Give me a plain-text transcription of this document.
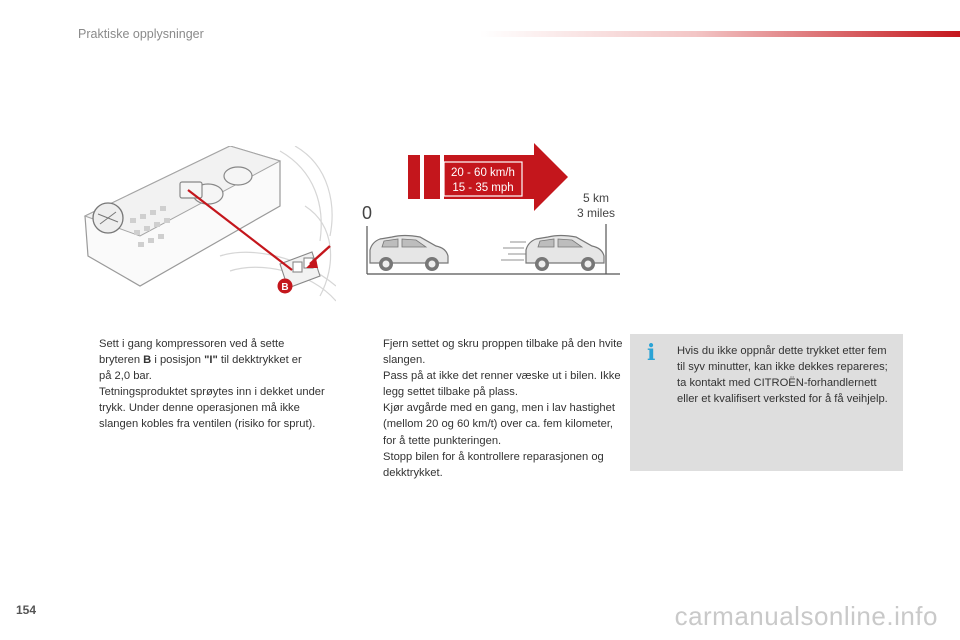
Praktiske opplysninger
B
20 - 60 km/h
15 - 35 mph
0
5 km
3 miles
Sett i gang kompressoren ved å sette
bryteren B i posisjon "I" til dekktrykket er
på 2,0 bar.
Tetningsproduktet sprøytes inn i dekket under trykk. Under denne operasjonen må ikke slangen kobles fra ventilen (risiko for sprut).
Fjern settet og skru proppen tilbake på den hvite slangen.
Pass på at ikke det renner væske ut i bilen. Ikke legg settet tilbake på plass.
Kjør avgårde med en gang, men i lav hastighet (mellom 20 og 60 km/t) over ca. fem kilometer, for å tette punkteringen.
Stopp bilen for å kontrollere reparasjonen og dekktrykket.
i Hvis du ikke oppnår dette trykket etter fem til syv minutter, kan ikke dekkes repareres; ta kontakt med CITROËN-forhandlernett eller et kvalifisert verksted for å få veihjelp.
154	carmanualsonline.info
